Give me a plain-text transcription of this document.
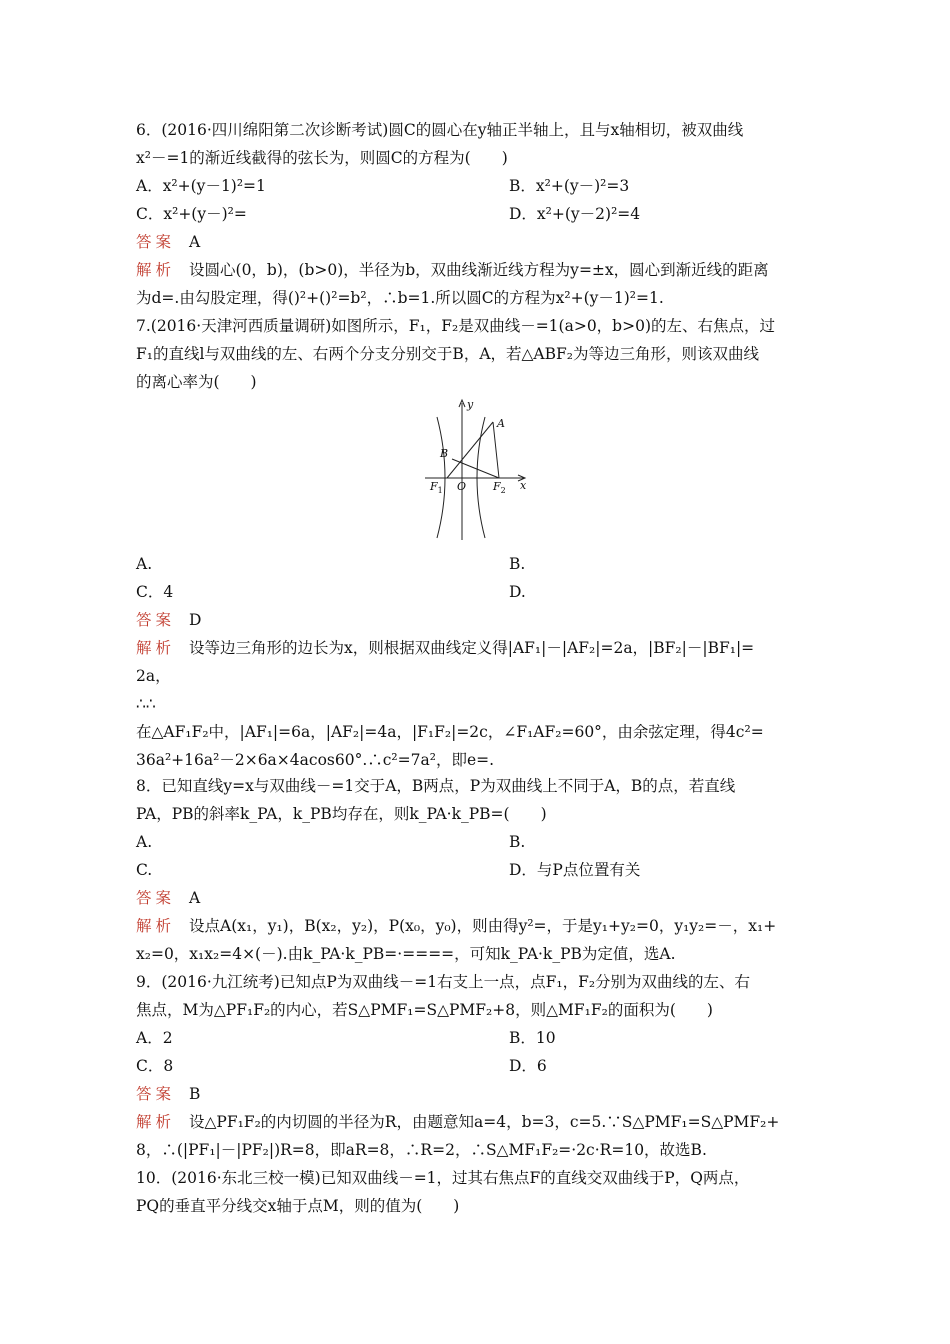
6．(2016·四川绵阳第二次诊断考试)圆C的圆心在y轴正半轴上，且与x轴相切，被双曲线
x²－=1的渐近线截得的弦长为，则圆C的方程为(　　)
A．x²+(y－1)²=1	B．x²+(y－)²=3
C．x²+(y－)²=	D．x²+(y－2)²=4
答案 A
解析 设圆心(0，b)，(b>0)，半径为b，双曲线渐近线方程为y=±x，圆心到渐近线的距离
为d=.由勾股定理，得()²+()²=b²，∴b=1.所以圆C的方程为x²+(y－1)²=1.
7.(2016·天津河西质量调研)如图所示，F₁，F₂是双曲线－=1(a>0，b>0)的左、右焦点，过
F₁的直线l与双曲线的左、右两个分支分别交于B，A，若△ABF₂为等边三角形，则该双曲线
的离心率为(　　)
y
x
A
B
O
$F_1$	$F_2$
A.	B.
C．4	D.
答案 D
解析 设等边三角形的边长为x，则根据双曲线定义得|AF₁|－|AF₂|=2a，|BF₂|－|BF₁|=
2a，
∴∴
在△AF₁F₂中，|AF₁|=6a，|AF₂|=4a，|F₁F₂|=2c，∠F₁AF₂=60°，由余弦定理，得4c²=
36a²+16a²－2×6a×4acos60°.∴c²=7a²，即e=.
8．已知直线y=x与双曲线－=1交于A，B两点，P为双曲线上不同于A，B的点，若直线
PA，PB的斜率k_PA，k_PB均存在，则k_PA·k_PB=(　　)
A.	B.
C.	D．与P点位置有关
答案 A
解析 设点A(x₁，y₁)，B(x₂，y₂)，P(x₀，y₀)，则由得y²=，于是y₁+y₂=0，y₁y₂=－，x₁+
x₂=0，x₁x₂=4×(－).由k_PA·k_PB=·====，可知k_PA·k_PB为定值，选A.
9．(2016·九江统考)已知点P为双曲线－=1右支上一点，点F₁，F₂分别为双曲线的左、右
焦点，M为△PF₁F₂的内心，若S△PMF₁=S△PMF₂+8，则△MF₁F₂的面积为(　　)
A．2	B．10
C．8	D．6
答案 B
解析 设△PF₁F₂的内切圆的半径为R，由题意知a=4，b=3，c=5.∵S△PMF₁=S△PMF₂+
8，∴(|PF₁|－|PF₂|)R=8，即aR=8，∴R=2，∴S△MF₁F₂=·2c·R=10，故选B.
10．(2016·东北三校一模)已知双曲线－=1，过其右焦点F的直线交双曲线于P，Q两点，
PQ的垂直平分线交x轴于点M，则的值为(　　)
